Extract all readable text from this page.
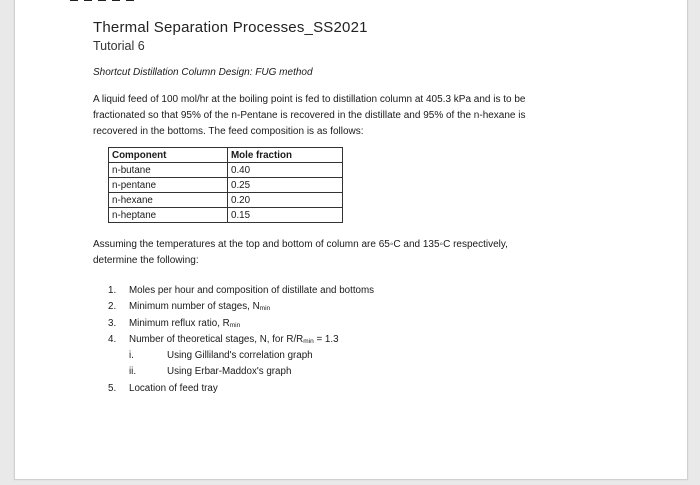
Thermal Separation Processes_SS2021
Tutorial 6
Shortcut Distillation Column Design: FUG method
A liquid feed of 100 mol/hr at the boiling point is fed to distillation column at 405.3 kPa and is to be
fractionated so that 95% of the n-Pentane is recovered in the distillate and 95% of the n-hexane is
recovered in the bottoms. The feed composition is as follows:
Component	Mole fraction
n-butane	0.40
n-pentane	0.25
n-hexane	0.20
n-heptane	0.15
Assuming the temperatures at the top and bottom of column are 65◦C and 135◦C respectively,
determine the following:
1. Moles per hour and composition of distillate and bottoms
2. Minimum number of stages, $N_{min}$
3. Minimum reflux ratio, $R_{min}$
4. Number of theoretical stages, N, for $R/R_{min} = 1.3$
i.	Using Gilliland's correlation graph
ii.	Using Erbar-Maddox's graph
5. Location of feed tray
